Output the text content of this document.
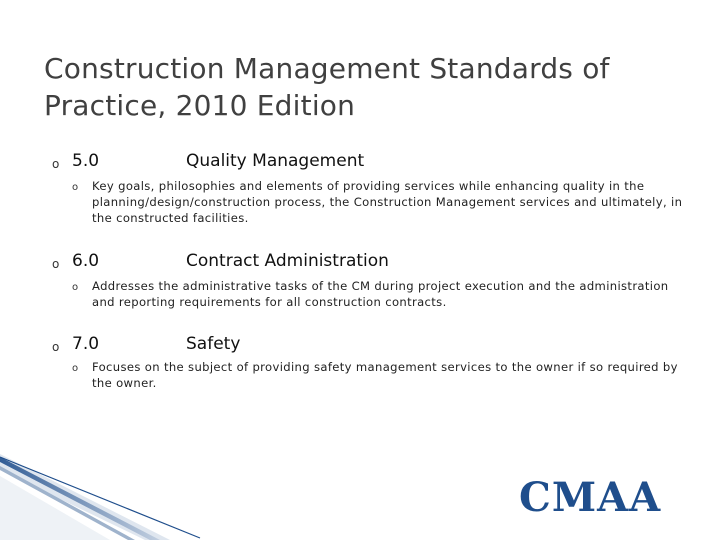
Construction Management Standards of Practice, 2010 Edition
o 5.0	Quality Management
o Key goals, philosophies and elements of providing services while enhancing quality in the planning/design/construction process, the Construction Management services and ultimately, in the constructed facilities.
o 6.0	Contract Administration
o Addresses the administrative tasks of the CM during project execution and the administration and reporting requirements for all construction contracts.
o 7.0	Safety
o Focuses on the subject of providing safety management services to the owner if so required by the owner.
CMAA
